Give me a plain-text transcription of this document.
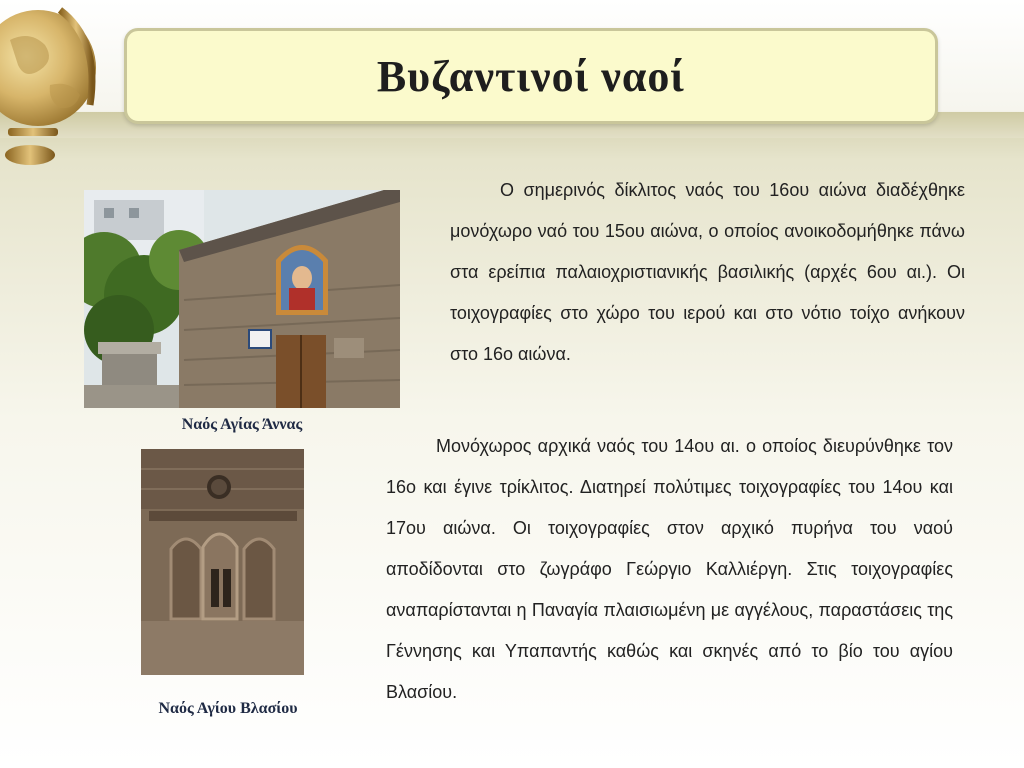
Βυζαντινοί ναοί
Ναός Αγίας Άννας
Ναός Αγίου Βλασίου

Ο σημερινός δίκλιτος ναός του 16ου αιώνα διαδέχθηκε μονόχωρο ναό του 15ου αιώνα, ο οποίος ανοικοδομήθηκε πάνω στα ερείπια παλαιοχριστιανικής βασιλικής (αρχές 6ου αι.). Οι τοιχογραφίες στο χώρο του ιερού και στο νότιο τοίχο ανήκουν στο 16ο αιώνα.

Μονόχωρος αρχικά ναός του 14ου αι. ο οποίος διευρύνθηκε τον 16ο και έγινε τρίκλιτος. Διατηρεί πολύτιμες τοιχογραφίες του 14ου και 17ου αιώνα. Οι τοιχογραφίες στον αρχικό πυρήνα του ναού αποδίδονται στο ζωγράφο Γεώργιο Καλλιέργη. Στις τοιχογραφίες αναπαρίστανται η Παναγία πλαισιωμένη με αγγέλους, παραστάσεις της Γέννησης και Υπαπαντής καθώς και σκηνές από το βίο του αγίου Βλασίου.
